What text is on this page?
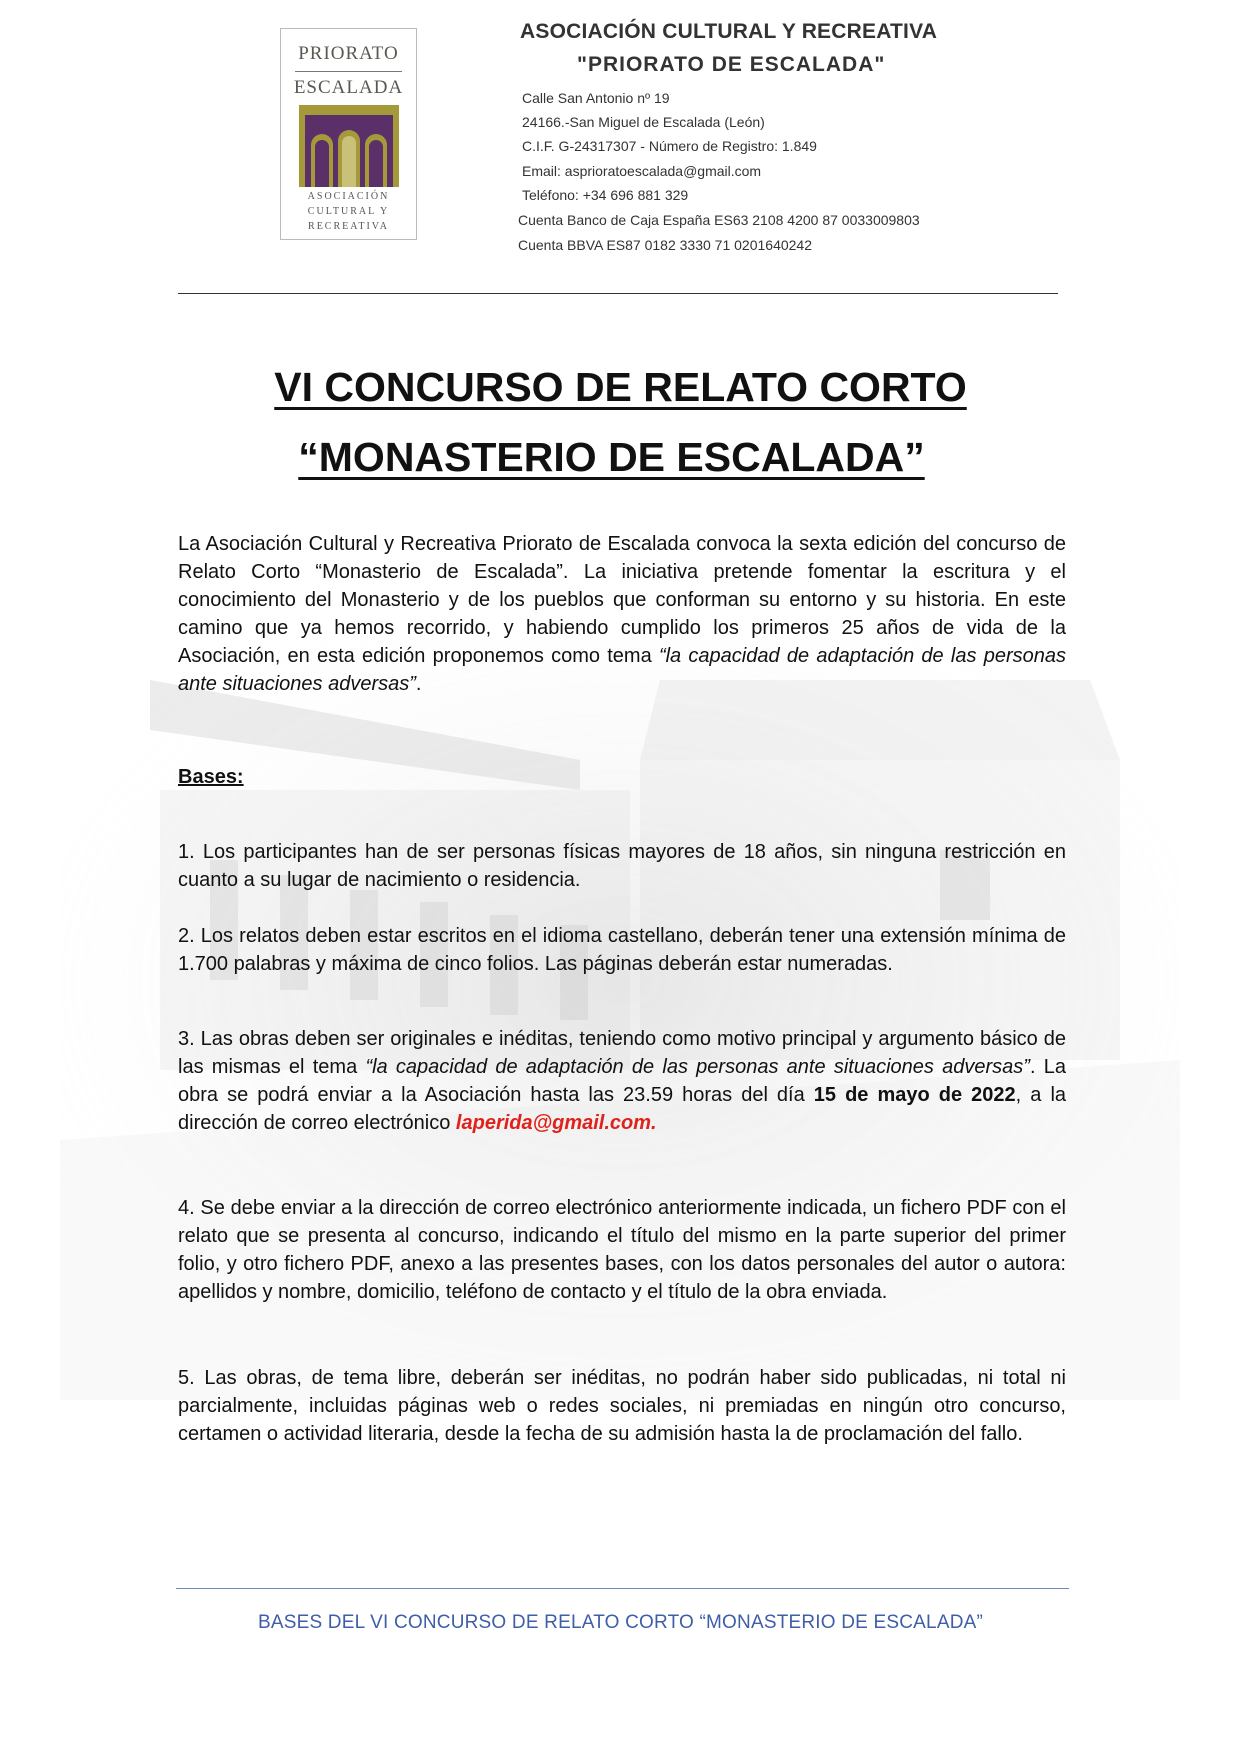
PRIORATO
ESCALADA
ASOCIACIÓN
CULTURAL Y
RECREATIVA
ASOCIACIÓN CULTURAL Y RECREATIVA
"PRIORATO DE ESCALADA"
Calle San Antonio nº 19
24166.-San Miguel de Escalada (León)
C.I.F. G-24317307 - Número de Registro: 1.849
Email: asprioratoescalada@gmail.com
Teléfono: +34 696 881 329
Cuenta Banco de Caja España ES63 2108 4200 87 0033009803
Cuenta BBVA ES87 0182 3330 71 0201640242
VI CONCURSO DE RELATO CORTO
“MONASTERIO DE ESCALADA”
La Asociación Cultural y Recreativa Priorato de Escalada convoca la sexta edición del concurso de Relato Corto “Monasterio de Escalada”. La iniciativa pretende fomentar la escritura y el conocimiento del Monasterio y de los pueblos que conforman su entorno y su historia. En este camino que ya hemos recorrido, y habiendo cumplido los primeros 25 años de vida de la Asociación, en esta edición proponemos como tema “la capacidad de adaptación de las personas ante situaciones adversas”.
Bases:
1. Los participantes han de ser personas físicas mayores de 18 años, sin ninguna restricción en cuanto a su lugar de nacimiento o residencia.
2. Los relatos deben estar escritos en el idioma castellano, deberán tener una extensión mínima de 1.700 palabras y máxima de cinco folios. Las páginas deberán estar numeradas.
3. Las obras deben ser originales e inéditas, teniendo como motivo principal y argumento básico de las mismas el tema “la capacidad de adaptación de las personas ante situaciones adversas”. La obra se podrá enviar a la Asociación hasta las 23.59 horas del día 15 de mayo de 2022, a la dirección de correo electrónico laperida@gmail.com.
4. Se debe enviar a la dirección de correo electrónico anteriormente indicada, un fichero PDF con el relato que se presenta al concurso, indicando el título del mismo en la parte superior del primer folio, y otro fichero PDF, anexo a las presentes bases, con los datos personales del autor o autora: apellidos y nombre, domicilio, teléfono de contacto y el título de la obra enviada.
5. Las obras, de tema libre, deberán ser inéditas, no podrán haber sido publicadas, ni total ni parcialmente, incluidas páginas web o redes sociales, ni premiadas en ningún otro concurso, certamen o actividad literaria, desde la fecha de su admisión hasta la de proclamación del fallo.
BASES DEL VI CONCURSO DE RELATO CORTO “MONASTERIO DE ESCALADA”
